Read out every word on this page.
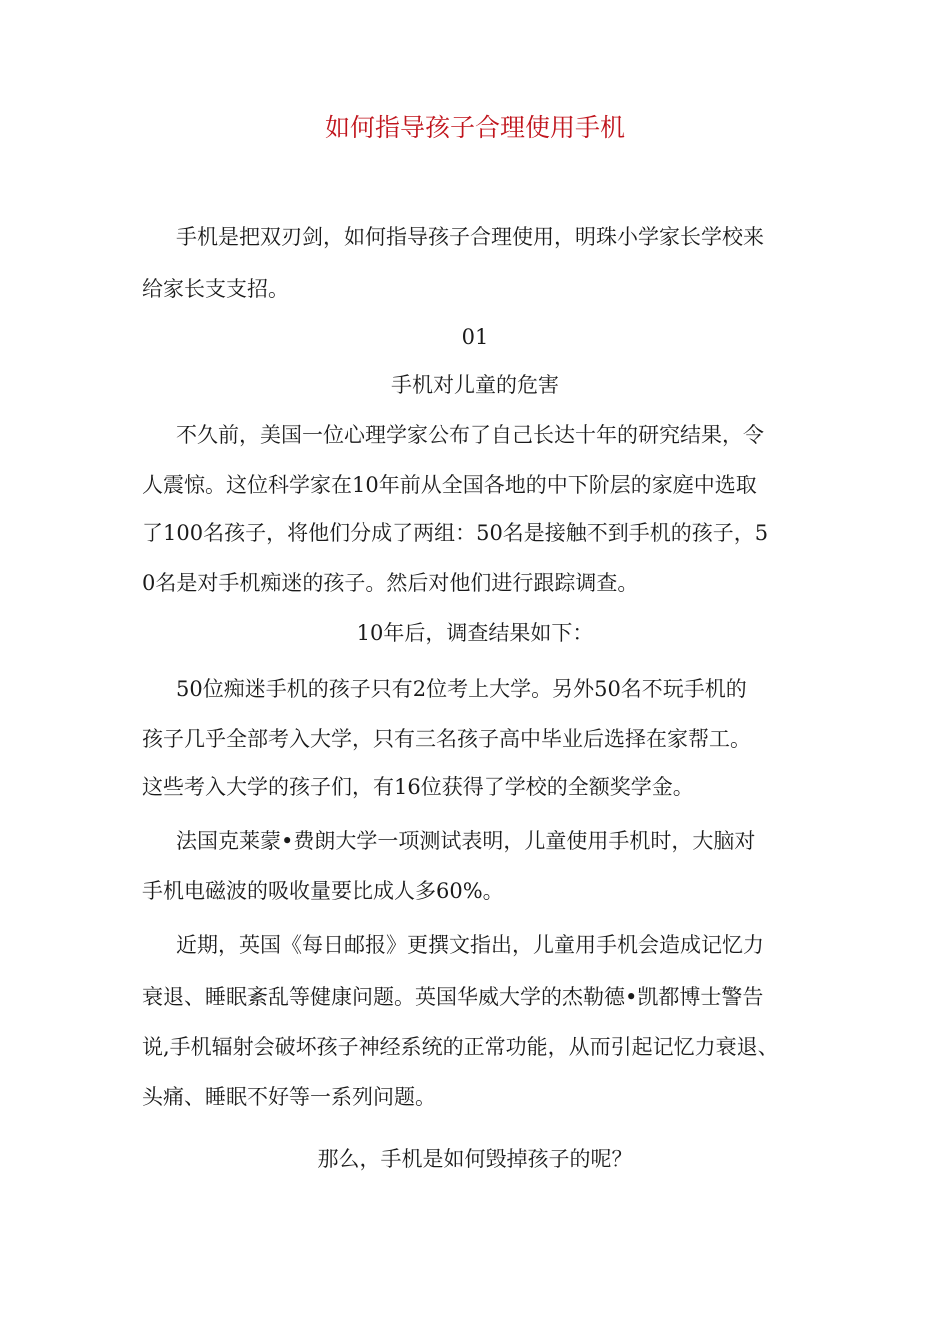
如何指导孩子合理使用手机
手机是把双刃剑，如何指导孩子合理使用，明珠小学家长学校来
给家长支支招。
01
手机对儿童的危害
不久前，美国一位心理学家公布了自己长达十年的研究结果，令
人震惊。这位科学家在10年前从全国各地的中下阶层的家庭中选取
了100名孩子，将他们分成了两组：50名是接触不到手机的孩子，5
0名是对手机痴迷的孩子。然后对他们进行跟踪调查。
10年后，调查结果如下：
50位痴迷手机的孩子只有2位考上大学。另外50名不玩手机的
孩子几乎全部考入大学，只有三名孩子高中毕业后选择在家帮工。
这些考入大学的孩子们，有16位获得了学校的全额奖学金。
法国克莱蒙•费朗大学一项测试表明，儿童使用手机时，大脑对
手机电磁波的吸收量要比成人多60%。
近期，英国《每日邮报》更撰文指出，儿童用手机会造成记忆力
衰退、睡眠紊乱等健康问题。英国华威大学的杰勒德•凯都博士警告
说,手机辐射会破坏孩子神经系统的正常功能，从而引起记忆力衰退、
头痛、睡眠不好等一系列问题。
那么，手机是如何毁掉孩子的呢？
